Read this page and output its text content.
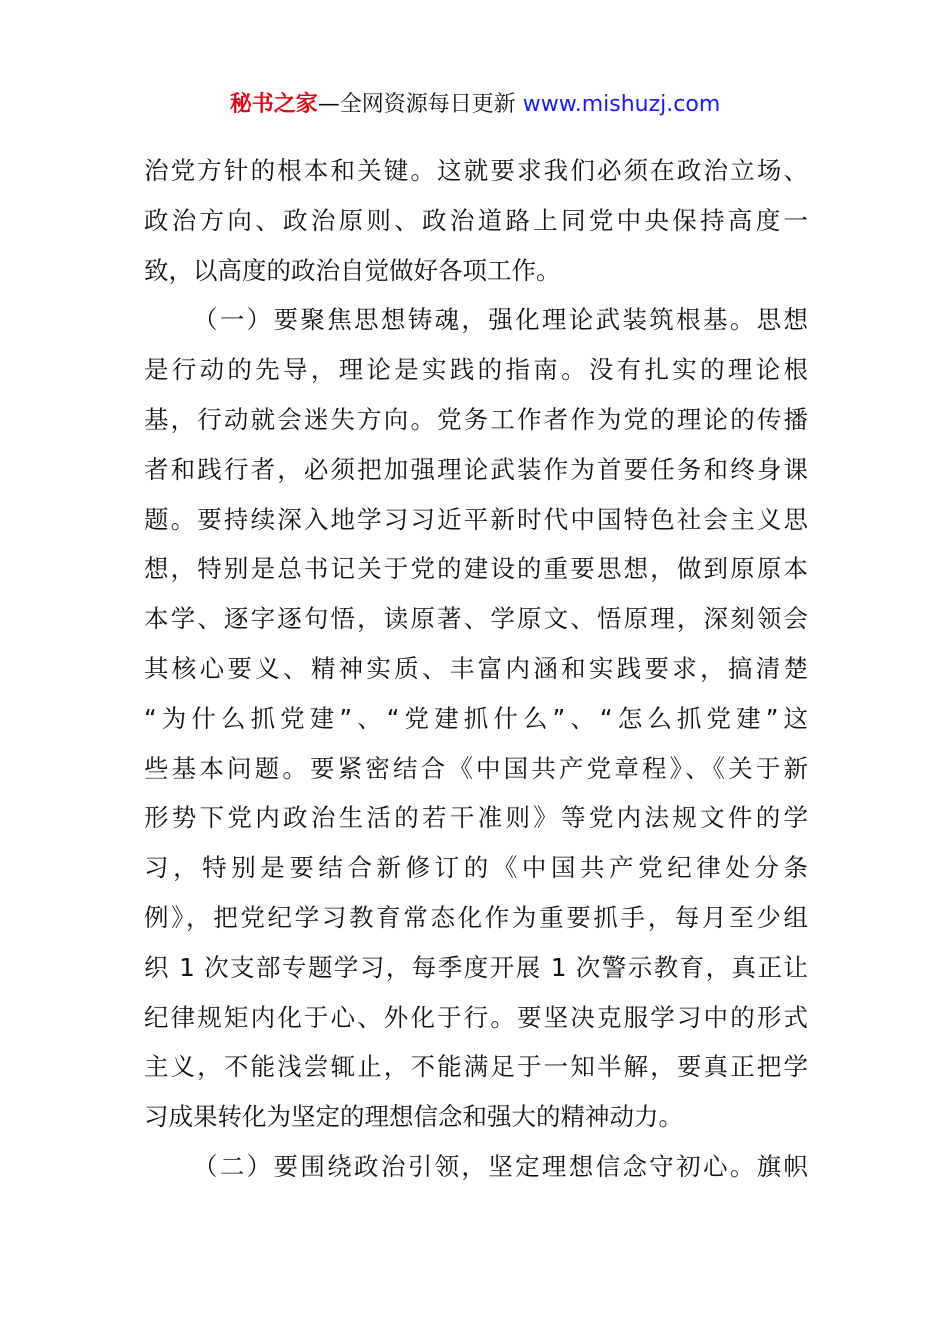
秘书之家—全网资源每日更新 www.mishuzj.com
治党方针的根本和关键。这就要求我们必须在政治立场、
政治方向、政治原则、政治道路上同党中央保持高度一
致，以高度的政治自觉做好各项工作。
（一）要聚焦思想铸魂，强化理论武装筑根基。思想
是行动的先导，理论是实践的指南。没有扎实的理论根
基，行动就会迷失方向。党务工作者作为党的理论的传播
者和践行者，必须把加强理论武装作为首要任务和终身课
题。要持续深入地学习习近平新时代中国特色社会主义思
想，特别是总书记关于党的建设的重要思想，做到原原本
本学、逐字逐句悟，读原著、学原文、悟原理，深刻领会
其核心要义、精神实质、丰富内涵和实践要求，搞清楚
“为什么抓党建”、“党建抓什么”、“怎么抓党建”这
些基本问题。要紧密结合《中国共产党章程》、《关于新
形势下党内政治生活的若干准则》等党内法规文件的学
习，特别是要结合新修订的《中国共产党纪律处分条
例》，把党纪学习教育常态化作为重要抓手，每月至少组
织 1 次支部专题学习，每季度开展 1 次警示教育，真正让
纪律规矩内化于心、外化于行。要坚决克服学习中的形式
主义，不能浅尝辄止，不能满足于一知半解，要真正把学
习成果转化为坚定的理想信念和强大的精神动力。
（二）要围绕政治引领，坚定理想信念守初心。旗帜
